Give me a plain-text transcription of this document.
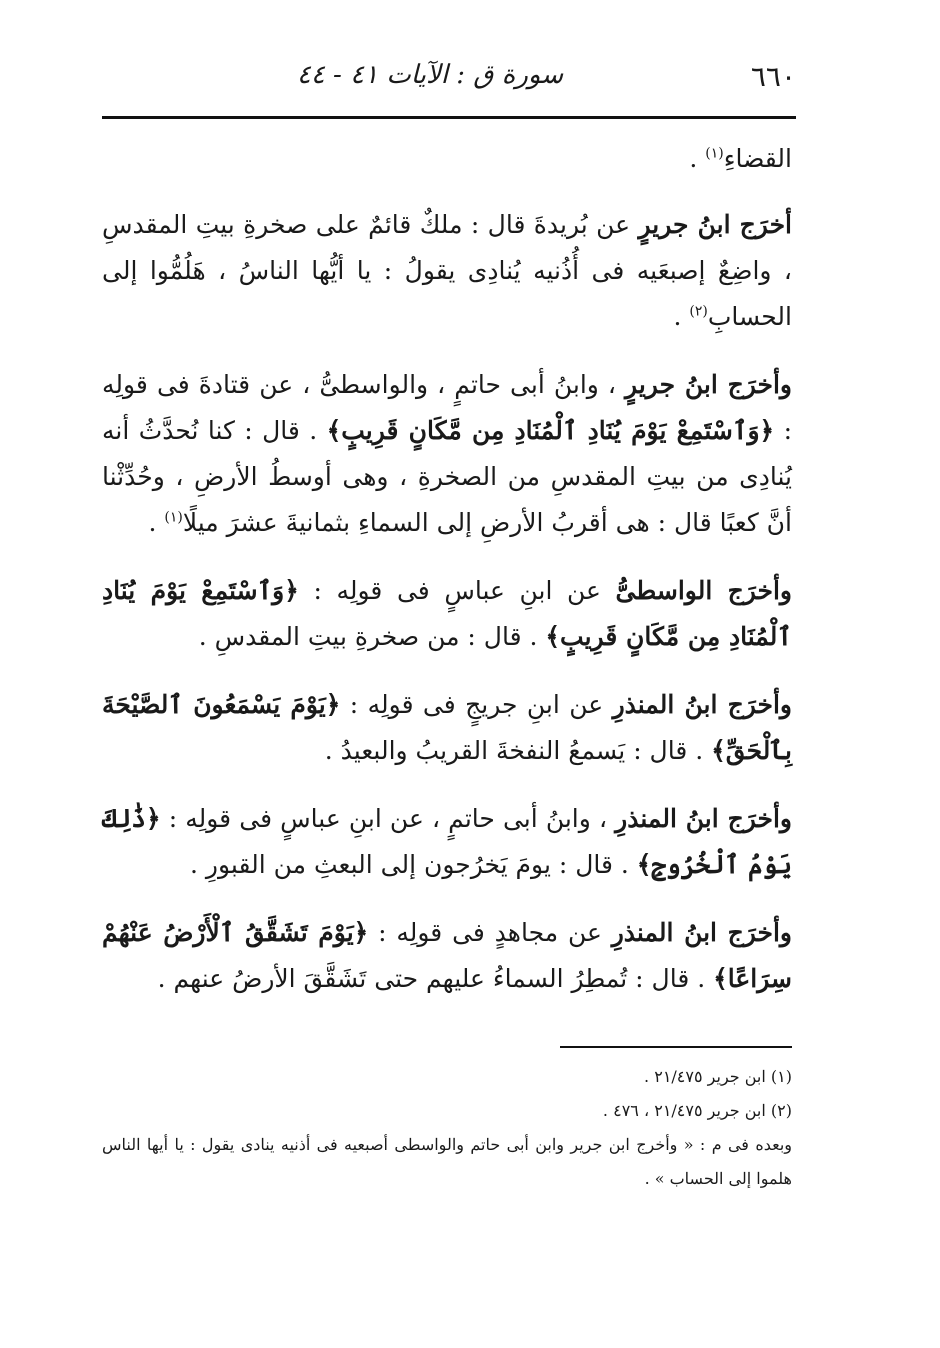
٦٦٠
سورة ق : الآيات ٤١ - ٤٤

القضاءِ$^{(١)}$ .

أخرَج ابنُ جريرٍ عن بُريدةَ قال : ملكٌ قائمٌ على صخرةِ بيتِ المقدسِ ، واضِعٌ إصبعَيه فى أُذُنيه يُنادِى يقولُ : يا أيُّها الناسُ ، هَلُمُّوا إلى الحسابِ$^{(٢)}$ .

وأخرَج ابنُ جريرٍ ، وابنُ أبى حاتمٍ ، والواسطىُّ ، عن قتادةَ فى قولِه : ﴿وَٱسْتَمِعْ يَوْمَ يُنَادِ ٱلْمُنَادِ مِن مَّكَانٍ قَرِيبٍ﴾ . قال : كنا نُحدَّثُ أنه يُنادِى من بيتِ المقدسِ من الصخرةِ ، وهى أوسطُ الأرضِ ، وحُدِّثْنا أنَّ كعبًا قال : هى أقربُ الأرضِ إلى السماءِ بثمانيةَ عشرَ ميلًا$^{(١)}$ .

وأخرَج الواسطىُّ عن ابنِ عباسٍ فى قولِه : ﴿وَٱسْتَمِعْ يَوْمَ يُنَادِ ٱلْمُنَادِ مِن مَّكَانٍ قَرِيبٍ﴾ . قال : من صخرةِ بيتِ المقدسِ .

وأخرَج ابنُ المنذرِ عن ابنِ جريجٍ فى قولِه : ﴿يَوْمَ يَسْمَعُونَ ٱلصَّيْحَةَ بِٱلْحَقِّ﴾ . قال : يَسمعُ النفخةَ القريبُ والبعيدُ .

وأخرَج ابنُ المنذرِ ، وابنُ أبى حاتمٍ ، عن ابنِ عباسٍ فى قولِه : ﴿ذَٰلِكَ يَوْمُ ٱلْخُرُوجِ﴾ . قال : يومَ يَخرُجون إلى البعثِ من القبورِ .

وأخرَج ابنُ المنذرِ عن مجاهدٍ فى قولِه : ﴿يَوْمَ تَشَقَّقُ ٱلْأَرْضُ عَنْهُمْ سِرَاعًا﴾ . قال : تُمطِرُ السماءُ عليهم حتى تَشَقَّقَ الأرضُ عنهم .

(١) ابن جرير ٢١/٤٧٥ .

(٢) ابن جرير ٢١/٤٧٥ ، ٤٧٦ .

وبعده فى م : « وأخرج ابن جرير وابن أبى حاتم والواسطى أصبعيه فى أذنيه ينادى يقول : يا أيها الناس هلموا إلى الحساب » .
